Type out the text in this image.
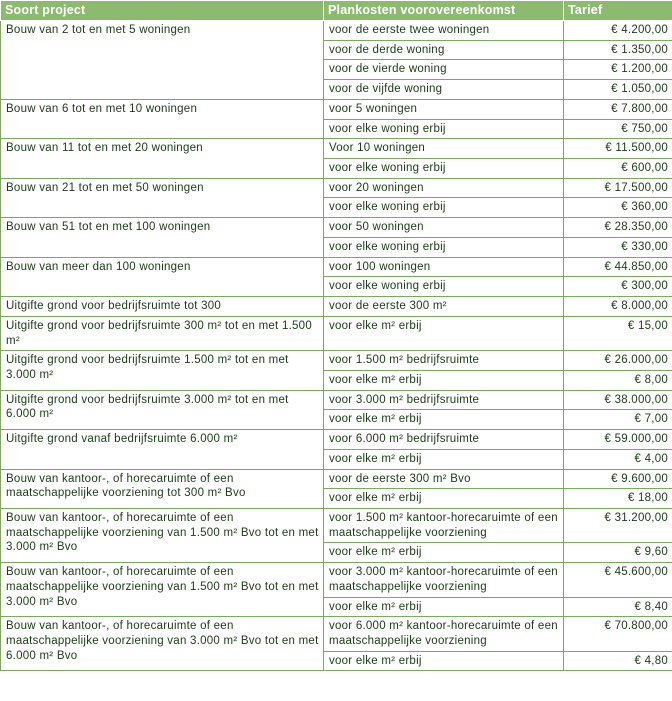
Soort project	Plankosten voorovereenkomst	Tarief
Bouw van 2 tot en met 5 woningen	voor de eerste twee woningen	€ 4.200,00
	voor de derde woning	€ 1.350,00
	voor de vierde woning	€ 1.200,00
	voor de vijfde woning	€ 1.050,00
Bouw van 6 tot en met 10 woningen	voor 5 woningen	€ 7.800,00
	voor elke woning erbij	€ 750,00
Bouw van 11 tot en met 20 woningen	Voor 10 woningen	€ 11.500,00
	voor elke woning erbij	€ 600,00
Bouw van 21 tot en met 50 woningen	voor 20 woningen	€ 17.500,00
	voor elke woning erbij	€ 360,00
Bouw van 51 tot en met 100 woningen	voor 50 woningen	€ 28.350,00
	voor elke woning erbij	€ 330,00
Bouw van meer dan 100 woningen	voor 100 woningen	€ 44.850,00
	voor elke woning erbij	€ 300,00
Uitgifte grond voor bedrijfsruimte tot 300	voor de eerste 300 m²	€ 8.000,00
Uitgifte grond voor bedrijfsruimte 300 m² tot en met 1.500 m²	voor elke m² erbij	€ 15,00
Uitgifte grond voor bedrijfsruimte 1.500 m² tot en met 3.000 m²	voor 1.500 m² bedrijfsruimte	€ 26.000,00
	voor elke m² erbij	€ 8,00
Uitgifte grond voor bedrijfsruimte 3.000 m² tot en met 6.000 m²	voor 3.000 m² bedrijfsruimte	€ 38.000,00
	voor elke m² erbij	€ 7,00
Uitgifte grond vanaf bedrijfsruimte 6.000 m²	voor 6.000 m² bedrijfsruimte	€ 59.000,00
	voor elke m² erbij	€ 4,00
Bouw van kantoor-, of horecaruimte of een maatschappelijke voorziening tot 300 m² Bvo	voor de eerste 300 m² Bvo	€ 9.600,00
	voor elke m² erbij	€ 18,00
Bouw van kantoor-, of horecaruimte of een maatschappelijke voorziening van 1.500 m² Bvo tot en met 3.000 m² Bvo	voor 1.500 m² kantoor-horecaruimte of een maatschappelijke voorziening	€ 31.200,00
	voor elke m² erbij	€ 9,60
Bouw van kantoor-, of horecaruimte of een maatschappelijke voorziening van 1.500 m² Bvo tot en met 3.000 m² Bvo	voor 3.000 m² kantoor-horecaruimte of een maatschappelijke voorziening	€ 45.600,00
	voor elke m² erbij	€ 8,40
Bouw van kantoor-, of horecaruimte of een maatschappelijke voorziening van 3.000 m² Bvo tot en met 6.000 m² Bvo	voor 6.000 m² kantoor-horecaruimte of een maatschappelijke voorziening	€ 70.800,00
	voor elke m² erbij	€ 4,80
